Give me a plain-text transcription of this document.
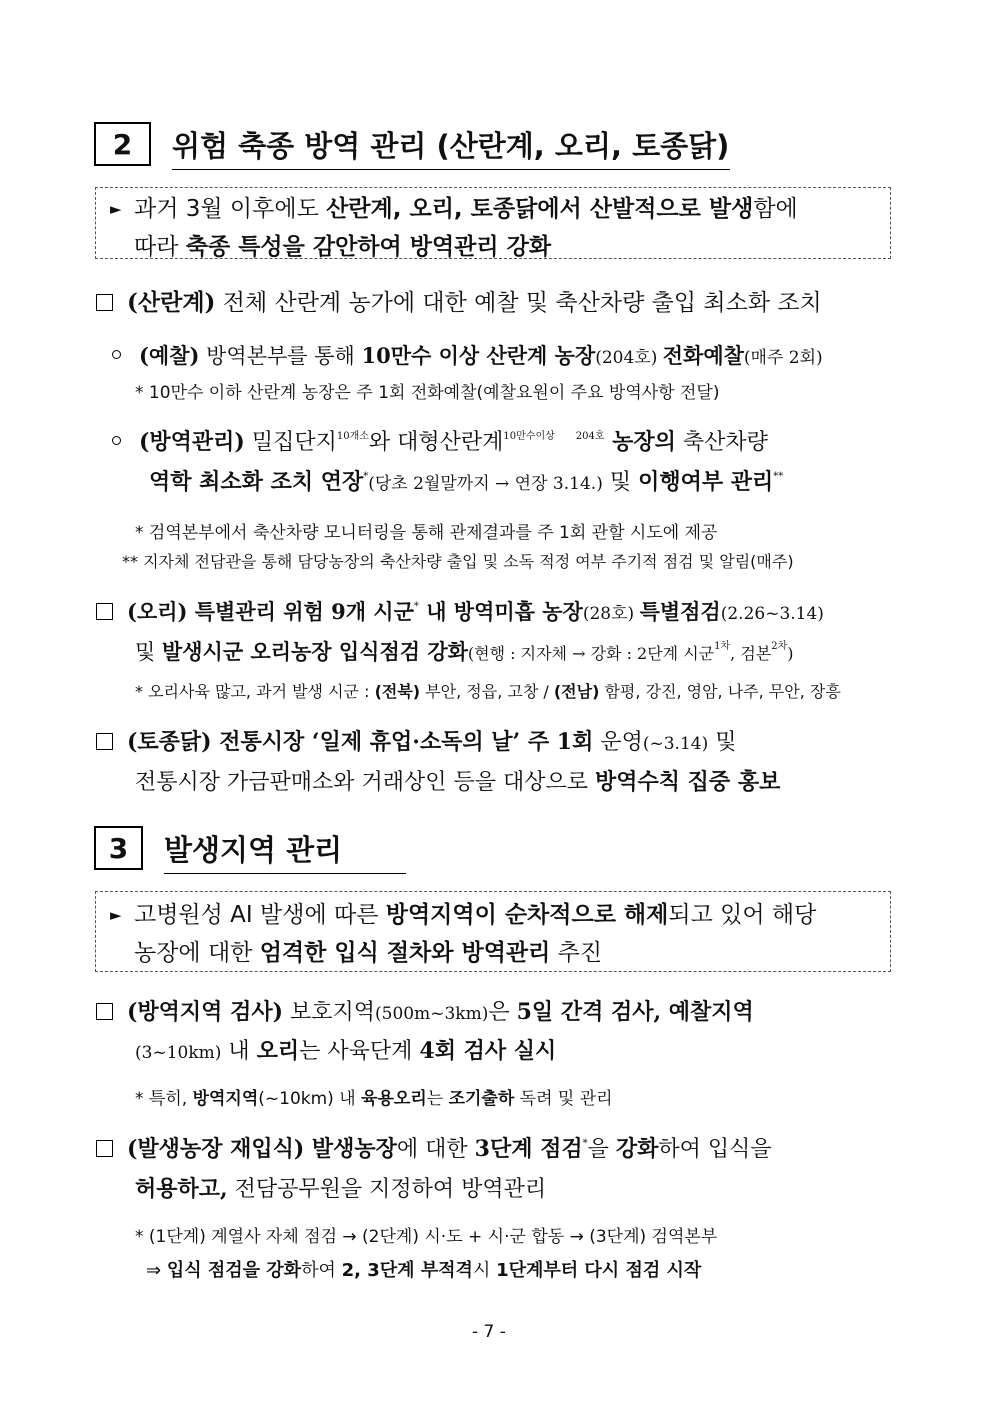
2	위험 축종 방역 관리 (산란계, 오리, 토종닭)
► 과거 3월 이후에도 산란계, 오리, 토종닭에서 산발적으로 발생함에
따라 축종 특성을 감안하여 방역관리 강화
(산란계) 전체 산란계 농가에 대한 예찰 및 축산차량 출입 최소화 조치
(예찰) 방역본부를 통해 10만수 이상 산란계 농장(204호) 전화예찰(매주 2회)
* 10만수 이하 산란계 농장은 주 1회 전화예찰(예찰요원이 주요 방역사항 전달)
(방역관리) 밀집단지$^{10개소}$와 대형산란계$^{10만수이상}$ $^{204호}$ 농장의 축산차량
역학 최소화 조치 연장*(당초 2월말까지 → 연장 3.14.) 및 이행여부 관리**
* 검역본부에서 축산차량 모니터링을 통해 관제결과를 주 1회 관할 시도에 제공
** 지자체 전담관을 통해 담당농장의 축산차량 출입 및 소독 적정 여부 주기적 점검 및 알림(매주)
(오리) 특별관리 위험 9개 시군* 내 방역미흡 농장(28호) 특별점검(2.26~3.14)
및 발생시군 오리농장 입식점검 강화(현행 : 지자체 → 강화 : 2단계 시군$^{1차}$, 검본$^{2차}$)
* 오리사육 많고, 과거 발생 시군 : (전북) 부안, 정읍, 고창 / (전남) 함평, 강진, 영암, 나주, 무안, 장흥
(토종닭) 전통시장 ‘일제 휴업·소독의 날’ 주 1회 운영(~3.14) 및
전통시장 가금판매소와 거래상인 등을 대상으로 방역수칙 집중 홍보
3	발생지역 관리
► 고병원성 AI 발생에 따른 방역지역이 순차적으로 해제되고 있어 해당
농장에 대한 엄격한 입식 절차와 방역관리 추진
(방역지역 검사) 보호지역(500m~3km)은 5일 간격 검사, 예찰지역
(3~10km) 내 오리는 사육단계 4회 검사 실시
* 특히, 방역지역(~10km) 내 육용오리는 조기출하 독려 및 관리
(발생농장 재입식) 발생농장에 대한 3단계 점검*을 강화하여 입식을
허용하고, 전담공무원을 지정하여 방역관리
* (1단계) 계열사 자체 점검 → (2단계) 시·도 + 시·군 합동 → (3단계) 검역본부
⇒ 입식 점검을 강화하여 2, 3단계 부적격시 1단계부터 다시 점검 시작
- 7 -
